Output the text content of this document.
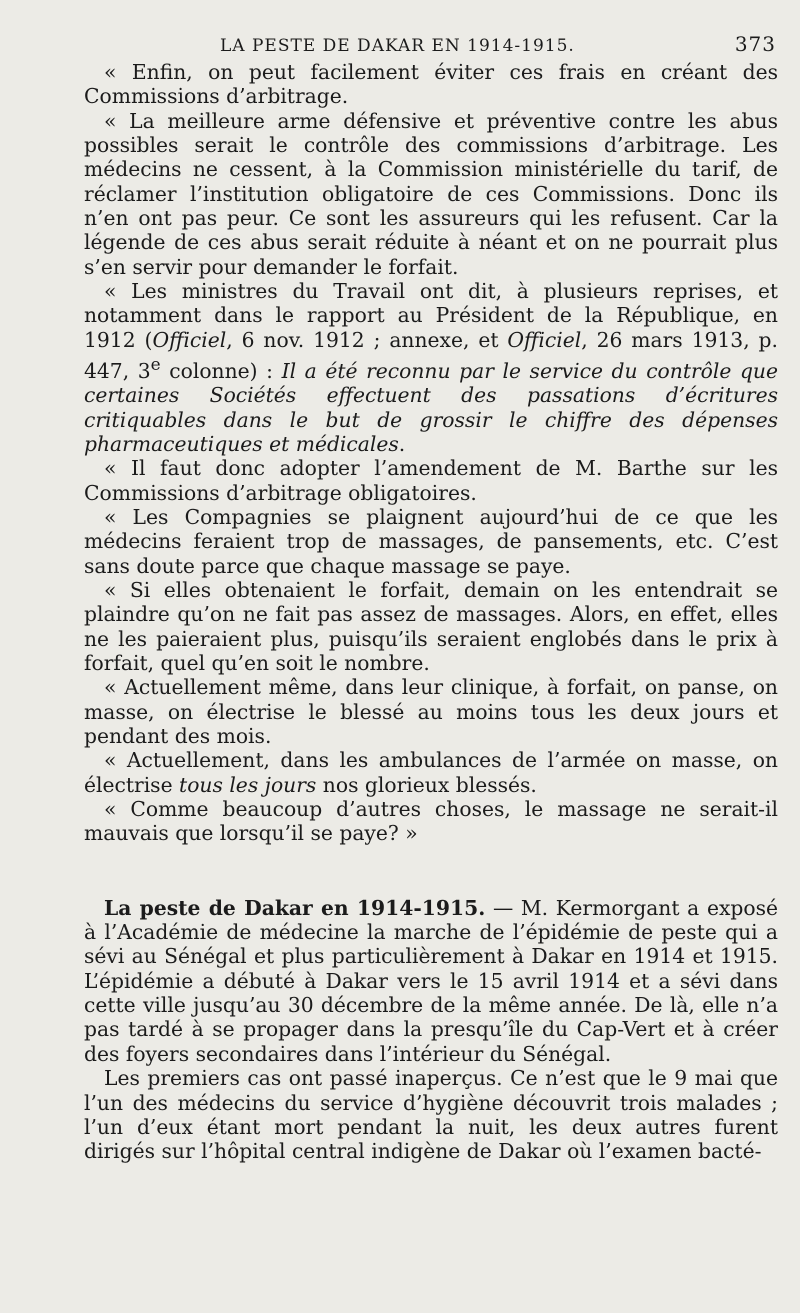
LA PESTE DE DAKAR EN 1914-1915.	373

« Enfin, on peut facilement éviter ces frais en créant des Commissions d’arbitrage.

« La meilleure arme défensive et préventive contre les abus possibles serait le contrôle des commissions d’arbitrage. Les médecins ne cessent, à la Commission ministérielle du tarif, de réclamer l’institution obligatoire de ces Commissions. Donc ils n’en ont pas peur. Ce sont les assureurs qui les refusent. Car la légende de ces abus serait réduite à néant et on ne pourrait plus s’en servir pour demander le forfait.

« Les ministres du Travail ont dit, à plusieurs reprises, et notamment dans le rapport au Président de la République, en 1912 (Officiel, 6 nov. 1912 ; annexe, et Officiel, 26 mars 1913, p. 447, 3e colonne) : Il a été reconnu par le service du contrôle que certaines Sociétés effectuent des passations d’écritures critiquables dans le but de grossir le chiffre des dépenses pharmaceutiques et médicales.

« Il faut donc adopter l’amendement de M. Barthe sur les Commissions d’arbitrage obligatoires.

« Les Compagnies se plaignent aujourd’hui de ce que les médecins feraient trop de massages, de pansements, etc. C’est sans doute parce que chaque massage se paye.

« Si elles obtenaient le forfait, demain on les entendrait se plaindre qu’on ne fait pas assez de massages. Alors, en effet, elles ne les paieraient plus, puisqu’ils seraient englobés dans le prix à forfait, quel qu’en soit le nombre.

« Actuellement même, dans leur clinique, à forfait, on panse, on masse, on électrise le blessé au moins tous les deux jours et pendant des mois.

« Actuellement, dans les ambulances de l’armée on masse, on électrise tous les jours nos glorieux blessés.

« Comme beaucoup d’autres choses, le massage ne serait-il mauvais que lorsqu’il se paye? »

La peste de Dakar en 1914-1915. — M. Kermorgant a exposé à l’Académie de médecine la marche de l’épidémie de peste qui a sévi au Sénégal et plus particulièrement à Dakar en 1914 et 1915. L’épidémie a débuté à Dakar vers le 15 avril 1914 et a sévi dans cette ville jusqu’au 30 décembre de la même année. De là, elle n’a pas tardé à se propager dans la presqu’île du Cap-Vert et à créer des foyers secondaires dans l’intérieur du Sénégal.

Les premiers cas ont passé inaperçus. Ce n’est que le 9 mai que l’un des médecins du service d’hygiène découvrit trois malades ; l’un d’eux étant mort pendant la nuit, les deux autres furent dirigés sur l’hôpital central indigène de Dakar où l’examen bacté-
